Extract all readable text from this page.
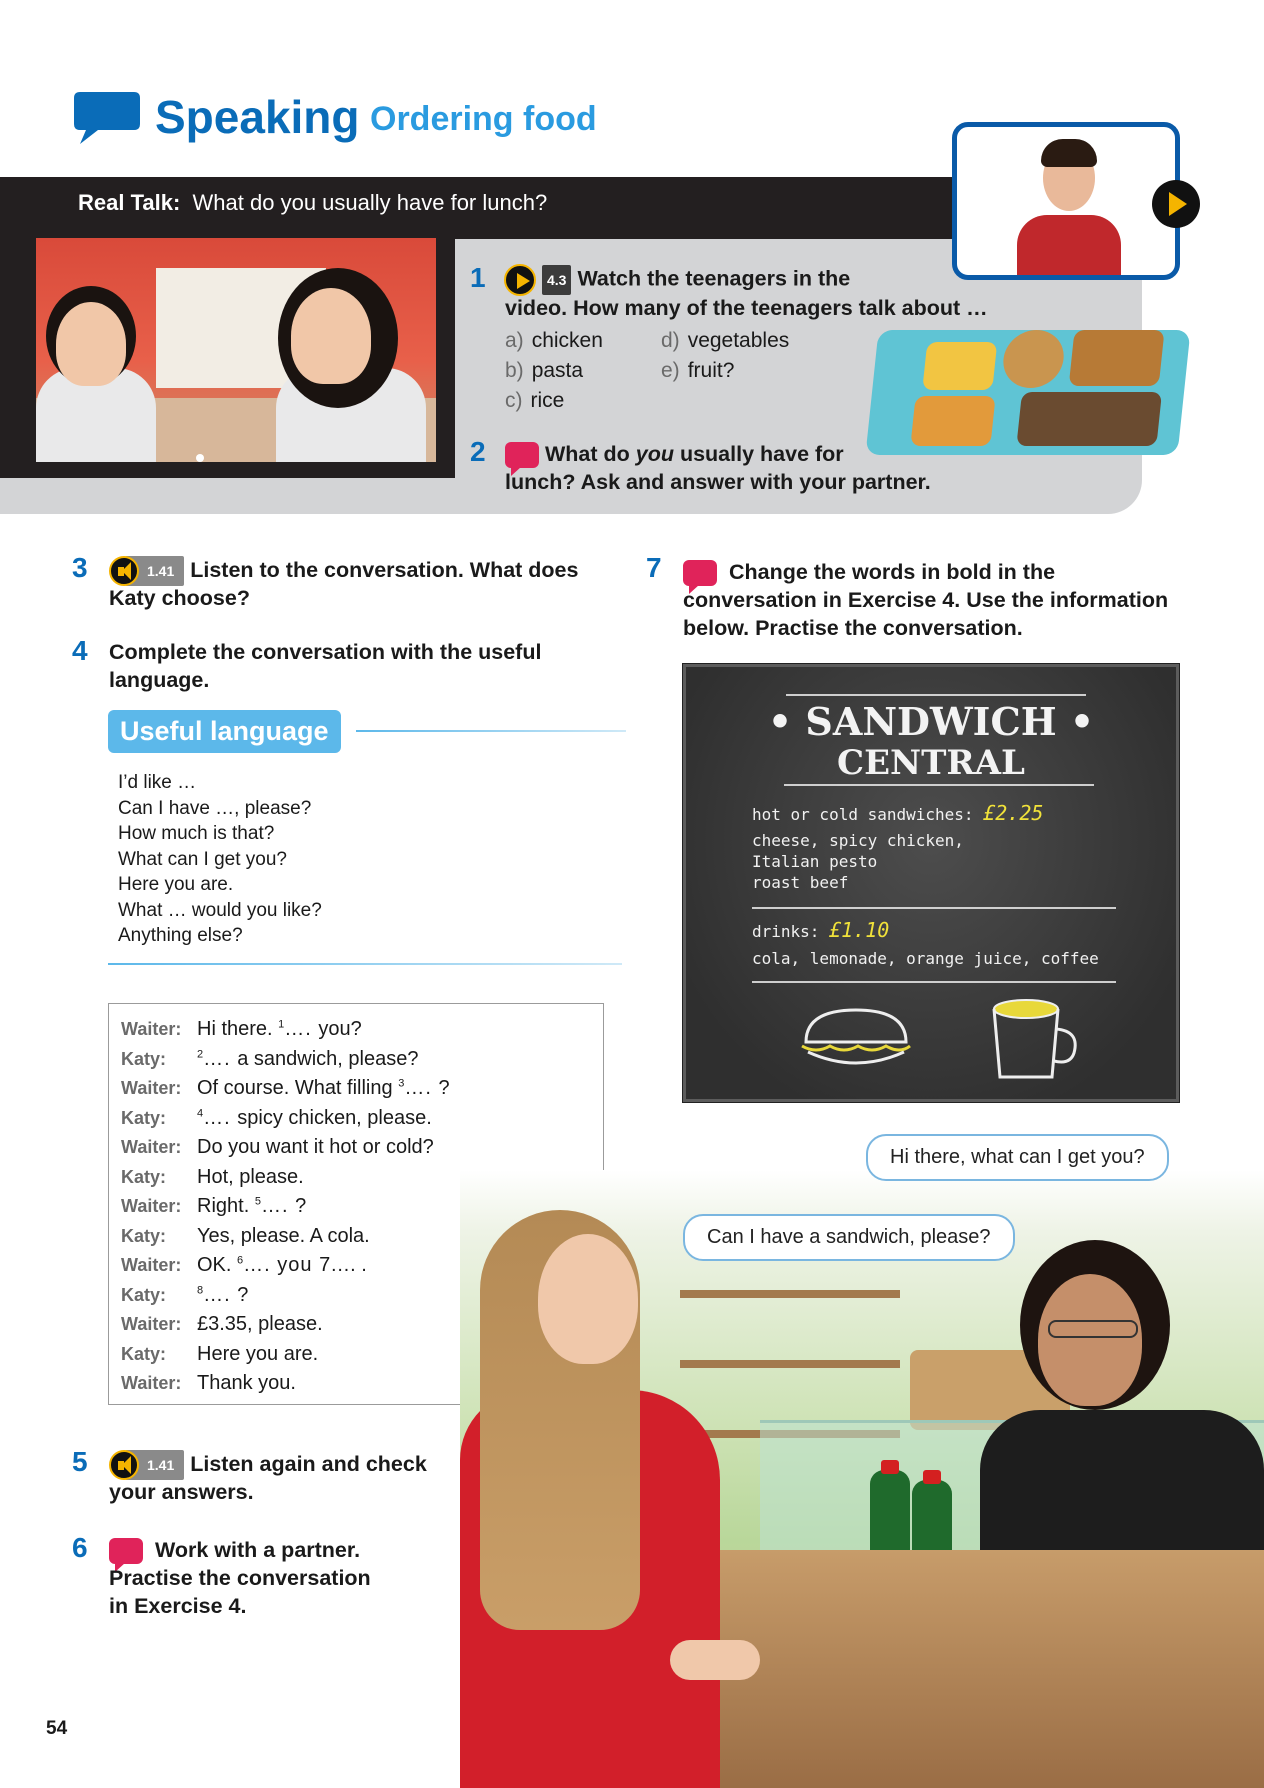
Speaking Ordering food
Real Talk: What do you usually have for lunch?
1	4.3 Watch the teenagers in the
video. How many of the teenagers talk about …
a) chicken
b) pasta
c) rice
d) vegetables
e) fruit?
2	What do you usually have for
lunch? Ask and answer with your partner.
3	1.41 Listen to the conversation. What does
Katy choose?
4 Complete the conversation with the useful
language.
Useful language
I’d like …
Can I have …, please?
How much is that?
What can I get you?
Here you are.
What … would you like?
Anything else?
Waiter: Hi there. $^1$…. you?
Katy:	$^2$…. a sandwich, please?
Waiter: Of course. What filling $^3$…. ?
Katy:	$^4$…. spicy chicken, please.
Waiter: Do you want it hot or cold?
Katy: Hot, please.
Waiter: Right. $^5$…. ?
Katy: Yes, please. A cola.
Waiter: OK. $^6$…. you 7…. .
Katy:	$^8$…. ?
Waiter: £3.35, please.
Katy: Here you are.
Waiter: Thank you.
7	Change the words in bold in the
conversation in Exercise 4. Use the information
below. Practise the conversation.
• SANDWICH •
CENTRAL
hot or cold sandwiches: £2.25
cheese, spicy chicken,
Italian pesto
roast beef
drinks: £1.10
cola, lemonade, orange juice, coffee
5	1.41 Listen again and check
your answers.
6	Work with a partner.
Practise the conversation
in Exercise 4.
Hi there, what can I get you?
Can I have a sandwich, please?
54
